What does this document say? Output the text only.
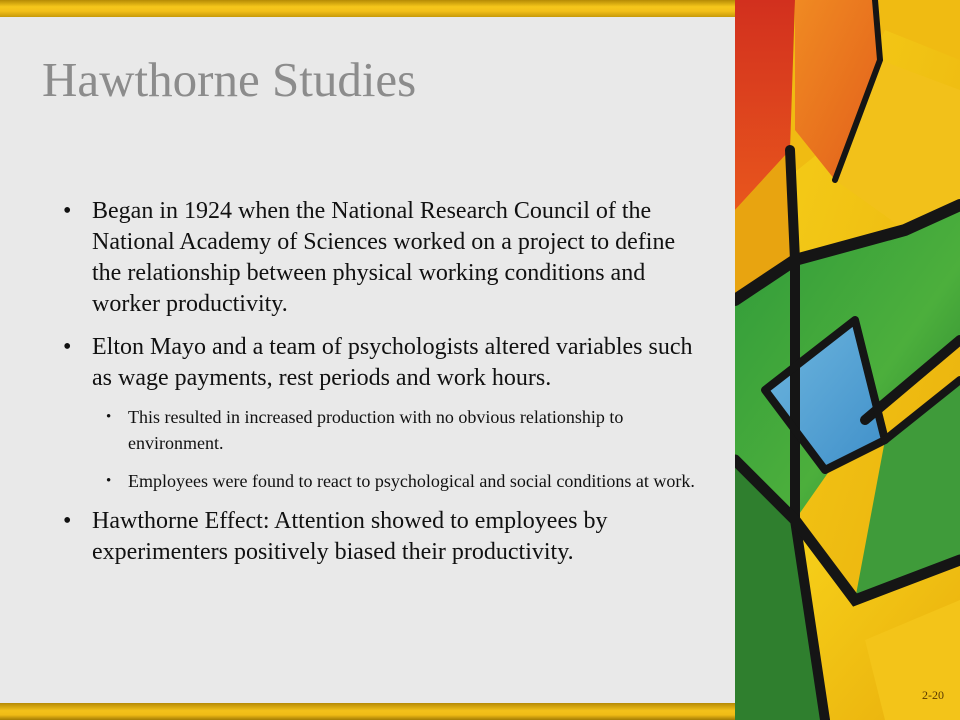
Hawthorne Studies
• Began in 1924 when the National Research Council of the National Academy of Sciences worked on a project to define the relationship between physical working conditions and worker productivity.
• Elton Mayo and a team of psychologists altered variables such as wage payments, rest periods and work hours.
• This resulted in increased production with no obvious relationship to environment.
• Employees were found to react to psychological and social conditions at work.
• Hawthorne Effect: Attention showed to employees by experimenters positively biased their productivity.
2-20
